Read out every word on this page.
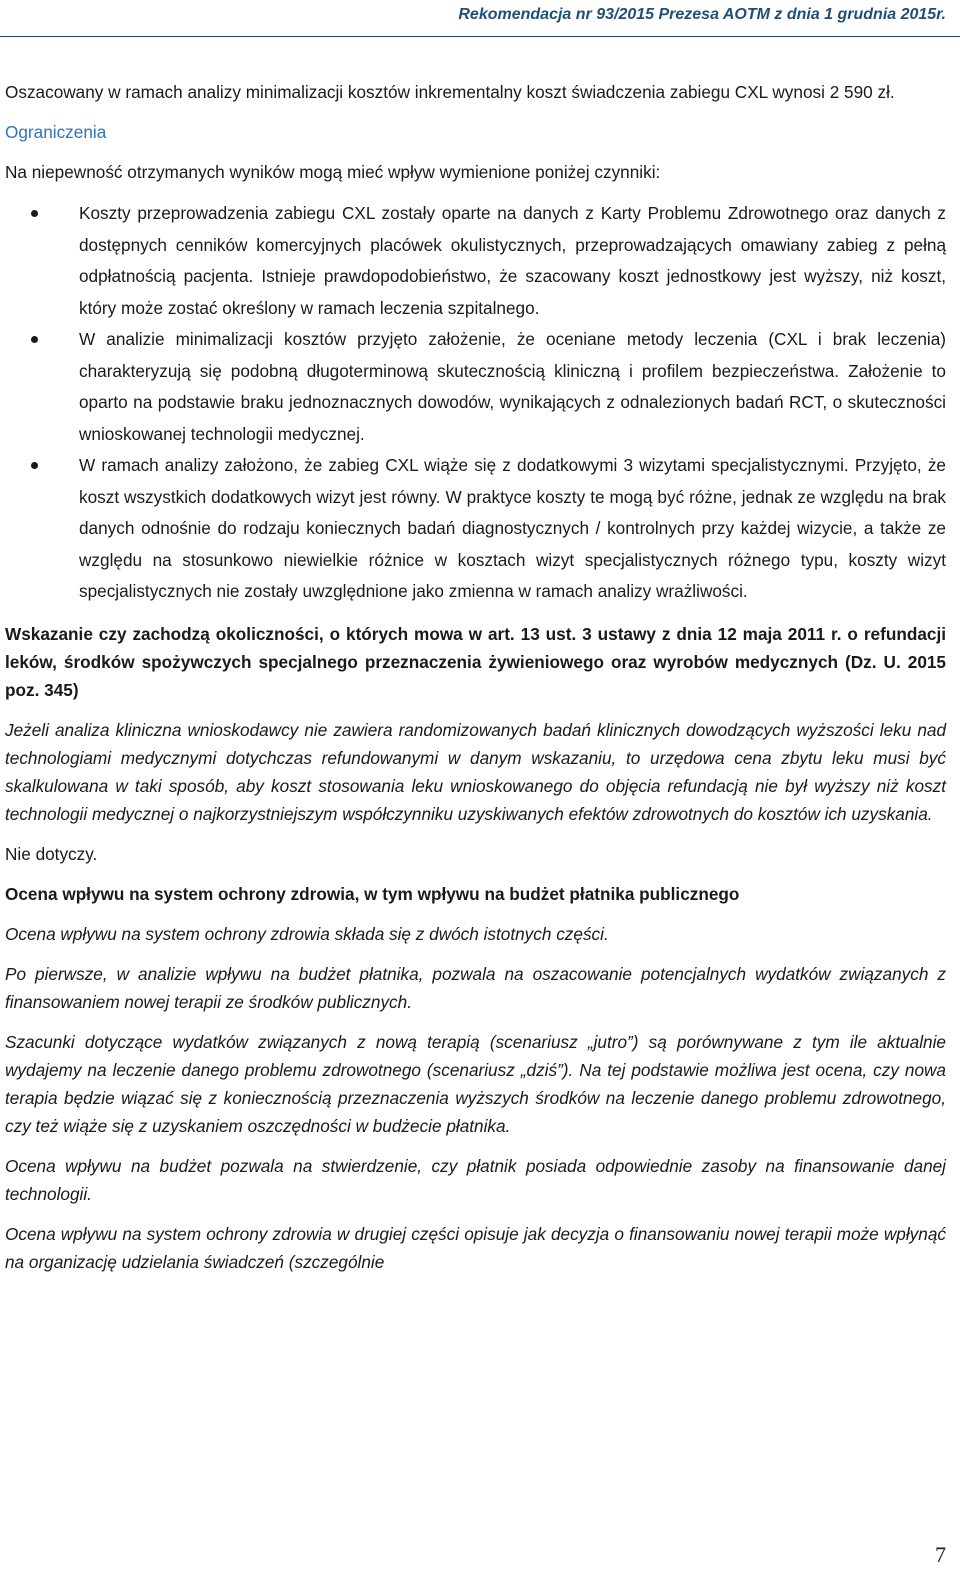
Rekomendacja nr 93/2015 Prezesa AOTM z dnia 1 grudnia 2015r.

Oszacowany w ramach analizy minimalizacji kosztów inkrementalny koszt świadczenia zabiegu CXL wynosi 2 590 zł.

Ograniczenia

Na niepewność otrzymanych wyników mogą mieć wpływ wymienione poniżej czynniki:

Koszty przeprowadzenia zabiegu CXL zostały oparte na danych z Karty Problemu Zdrowotnego oraz danych z dostępnych cenników komercyjnych placówek okulistycznych, przeprowadzających omawiany zabieg z pełną odpłatnością pacjenta. Istnieje prawdopodobieństwo, że szacowany koszt jednostkowy jest wyższy, niż koszt, który może zostać określony w ramach leczenia szpitalnego.
W analizie minimalizacji kosztów przyjęto założenie, że oceniane metody leczenia (CXL i brak leczenia) charakteryzują się podobną długoterminową skutecznością kliniczną i profilem bezpieczeństwa. Założenie to oparto na podstawie braku jednoznacznych dowodów, wynikających z odnalezionych badań RCT, o skuteczności wnioskowanej technologii medycznej.
W ramach analizy założono, że zabieg CXL wiąże się z dodatkowymi 3 wizytami specjalistycznymi. Przyjęto, że koszt wszystkich dodatkowych wizyt jest równy. W praktyce koszty te mogą być różne, jednak ze względu na brak danych odnośnie do rodzaju koniecznych badań diagnostycznych / kontrolnych przy każdej wizycie, a także ze względu na stosunkowo niewielkie różnice w kosztach wizyt specjalistycznych różnego typu, koszty wizyt specjalistycznych nie zostały uwzględnione jako zmienna w ramach analizy wrażliwości.

Wskazanie czy zachodzą okoliczności, o których mowa w art. 13 ust. 3 ustawy z dnia 12 maja 2011 r. o refundacji leków, środków spożywczych specjalnego przeznaczenia żywieniowego oraz wyrobów medycznych (Dz. U. 2015 poz. 345)

Jeżeli analiza kliniczna wnioskodawcy nie zawiera randomizowanych badań klinicznych dowodzących wyższości leku nad technologiami medycznymi dotychczas refundowanymi w danym wskazaniu, to urzędowa cena zbytu leku musi być skalkulowana w taki sposób, aby koszt stosowania leku wnioskowanego do objęcia refundacją nie był wyższy niż koszt technologii medycznej o najkorzystniejszym współczynniku uzyskiwanych efektów zdrowotnych do kosztów ich uzyskania.

Nie dotyczy.

Ocena wpływu na system ochrony zdrowia, w tym wpływu na budżet płatnika publicznego

Ocena wpływu na system ochrony zdrowia składa się z dwóch istotnych części.

Po pierwsze, w analizie wpływu na budżet płatnika, pozwala na oszacowanie potencjalnych wydatków związanych z finansowaniem nowej terapii ze środków publicznych.

Szacunki dotyczące wydatków związanych z nową terapią (scenariusz „jutro”) są porównywane z tym ile aktualnie wydajemy na leczenie danego problemu zdrowotnego (scenariusz „dziś”). Na tej podstawie możliwa jest ocena, czy nowa terapia będzie wiązać się z koniecznością przeznaczenia wyższych środków na leczenie danego problemu zdrowotnego, czy też wiąże się z uzyskaniem oszczędności w budżecie płatnika.

Ocena wpływu na budżet pozwala na stwierdzenie, czy płatnik posiada odpowiednie zasoby na finansowanie danej technologii.

Ocena wpływu na system ochrony zdrowia w drugiej części opisuje jak decyzja o finansowaniu nowej terapii może wpłynąć na organizację udzielania świadczeń (szczególnie

7
